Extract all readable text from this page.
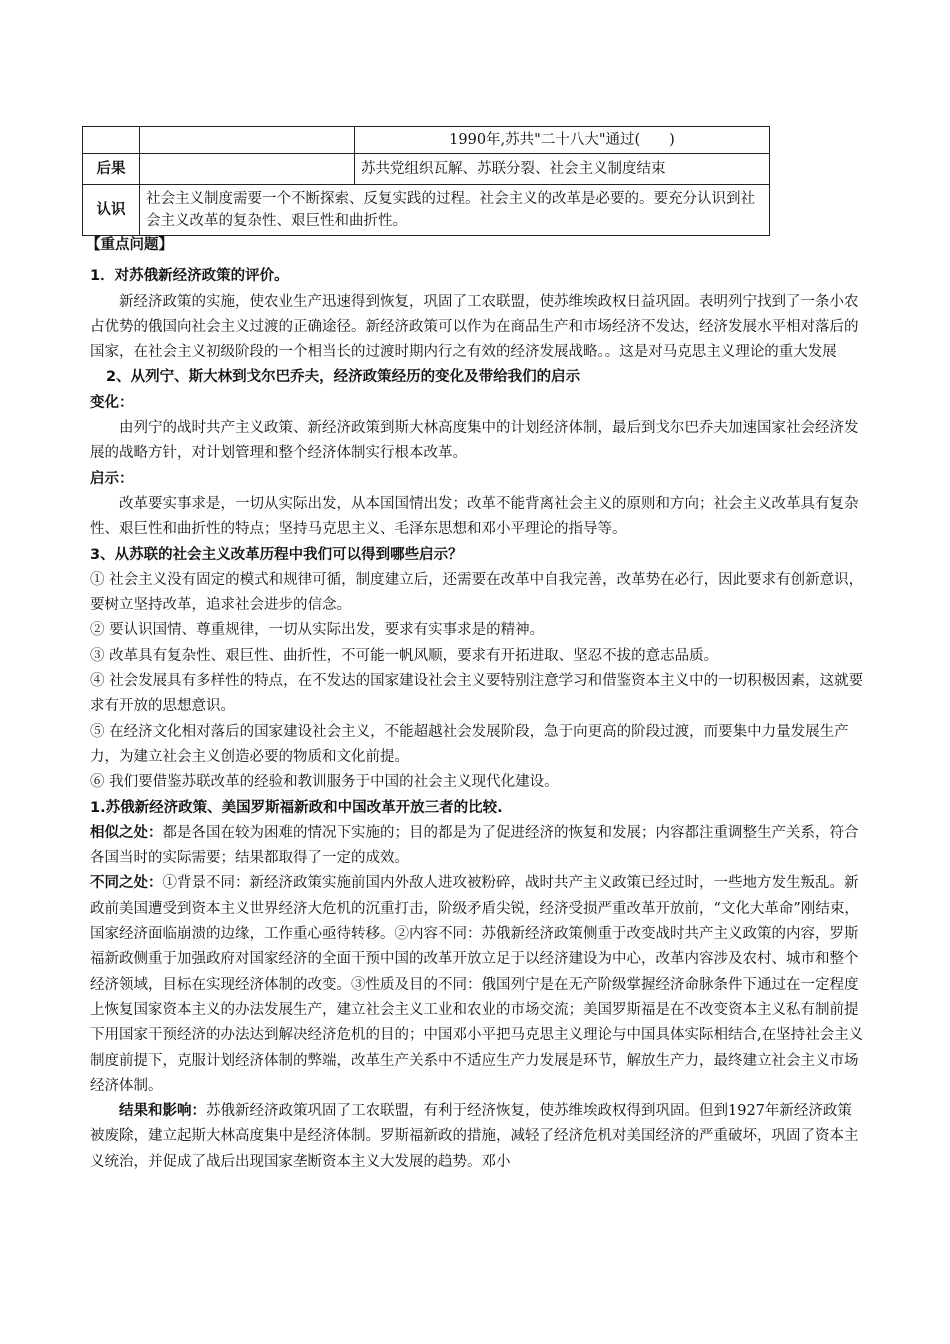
		1990年,苏共"二十八大"通过(　　)
后果		苏共党组织瓦解、苏联分裂、社会主义制度结束
认识	社会主义制度需要一个不断探索、反复实践的过程。社会主义的改革是必要的。要充分认识到社会主义改革的复杂性、艰巨性和曲折性。	

【重点问题】

1．对苏俄新经济政策的评价。

新经济政策的实施，使农业生产迅速得到恢复，巩固了工农联盟，使苏维埃政权日益巩固。表明列宁找到了一条小农占优势的俄国向社会主义过渡的正确途径。新经济政策可以作为在商品生产和市场经济不发达，经济发展水平相对落后的国家，在社会主义初级阶段的一个相当长的过渡时期内行之有效的经济发展战略。。这是对马克思主义理论的重大发展

2、从列宁、斯大林到戈尔巴乔夫，经济政策经历的变化及带给我们的启示

变化：

由列宁的战时共产主义政策、新经济政策到斯大林高度集中的计划经济体制，最后到戈尔巴乔夫加速国家社会经济发展的战略方针，对计划管理和整个经济体制实行根本改革。

启示：

改革要实事求是，一切从实际出发，从本国国情出发；改革不能背离社会主义的原则和方向；社会主义改革具有复杂性、艰巨性和曲折性的特点；坚持马克思主义、毛泽东思想和邓小平理论的指导等。

3、从苏联的社会主义改革历程中我们可以得到哪些启示？

① 社会主义没有固定的模式和规律可循，制度建立后，还需要在改革中自我完善，改革势在必行，因此要求有创新意识，要树立坚持改革，追求社会进步的信念。

② 要认识国情、尊重规律，一切从实际出发，要求有实事求是的精神。

③ 改革具有复杂性、艰巨性、曲折性，不可能一帆风顺，要求有开拓进取、坚忍不拔的意志品质。

④ 社会发展具有多样性的特点，在不发达的国家建设社会主义要特别注意学习和借鉴资本主义中的一切积极因素，这就要求有开放的思想意识。

⑤ 在经济文化相对落后的国家建设社会主义，不能超越社会发展阶段，急于向更高的阶段过渡，而要集中力量发展生产力，为建立社会主义创造必要的物质和文化前提。

⑥ 我们要借鉴苏联改革的经验和教训服务于中国的社会主义现代化建设。

1.苏俄新经济政策、美国罗斯福新政和中国改革开放三者的比较.

相似之处：都是各国在较为困难的情况下实施的；目的都是为了促进经济的恢复和发展；内容都注重调整生产关系，符合各国当时的实际需要；结果都取得了一定的成效。

不同之处：①背景不同：新经济政策实施前国内外敌人进攻被粉碎，战时共产主义政策已经过时，一些地方发生叛乱。新政前美国遭受到资本主义世界经济大危机的沉重打击，阶级矛盾尖锐，经济受损严重改革开放前，“文化大革命”刚结束，国家经济面临崩溃的边缘，工作重心亟待转移。②内容不同：苏俄新经济政策侧重于改变战时共产主义政策的内容，罗斯福新政侧重于加强政府对国家经济的全面干预中国的改革开放立足于以经济建设为中心，改革内容涉及农村、城市和整个经济领域，目标在实现经济体制的改变。③性质及目的不同：俄国列宁是在无产阶级掌握经济命脉条件下通过在一定程度上恢复国家资本主义的办法发展生产，建立社会主义工业和农业的市场交流；美国罗斯福是在不改变资本主义私有制前提下用国家干预经济的办法达到解决经济危机的目的；中国邓小平把马克思主义理论与中国具体实际相结合,在坚持社会主义制度前提下，克服计划经济体制的弊端，改革生产关系中不适应生产力发展是环节，解放生产力，最终建立社会主义市场经济体制。

结果和影响：苏俄新经济政策巩固了工农联盟，有利于经济恢复，使苏维埃政权得到巩固。但到1927年新经济政策被废除，建立起斯大林高度集中是经济体制。罗斯福新政的措施，减轻了经济危机对美国经济的严重破坏，巩固了资本主义统治，并促成了战后出现国家垄断资本主义大发展的趋势。邓小
